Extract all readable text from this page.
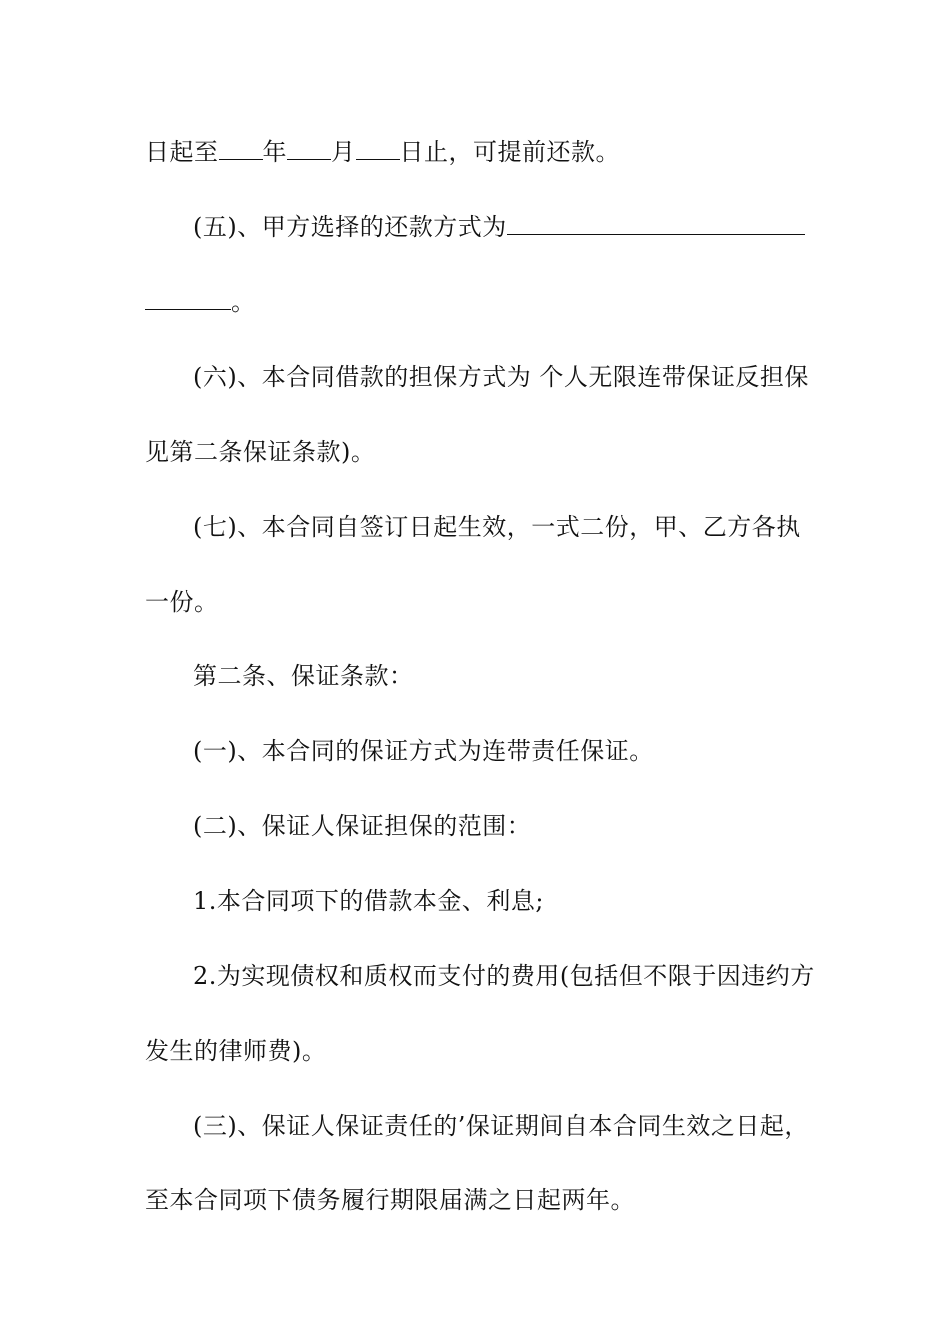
日起至 年 月 日止，可提前还款。
(五)、甲方选择的还款方式为
。
(六)、本合同借款的担保方式为 个人无限连带保证反担保
见第二条保证条款)。
(七)、本合同自签订日起生效，一式二份，甲、乙方各执
一份。
第二条、保证条款：
(一)、本合同的保证方式为连带责任保证。
(二)、保证人保证担保的范围：
1.本合同项下的借款本金、利息;
2.为实现债权和质权而支付的费用(包括但不限于因违约方
发生的律师费)。
(三)、保证人保证责任的’保证期间自本合同生效之日起，
至本合同项下债务履行期限届满之日起两年。
